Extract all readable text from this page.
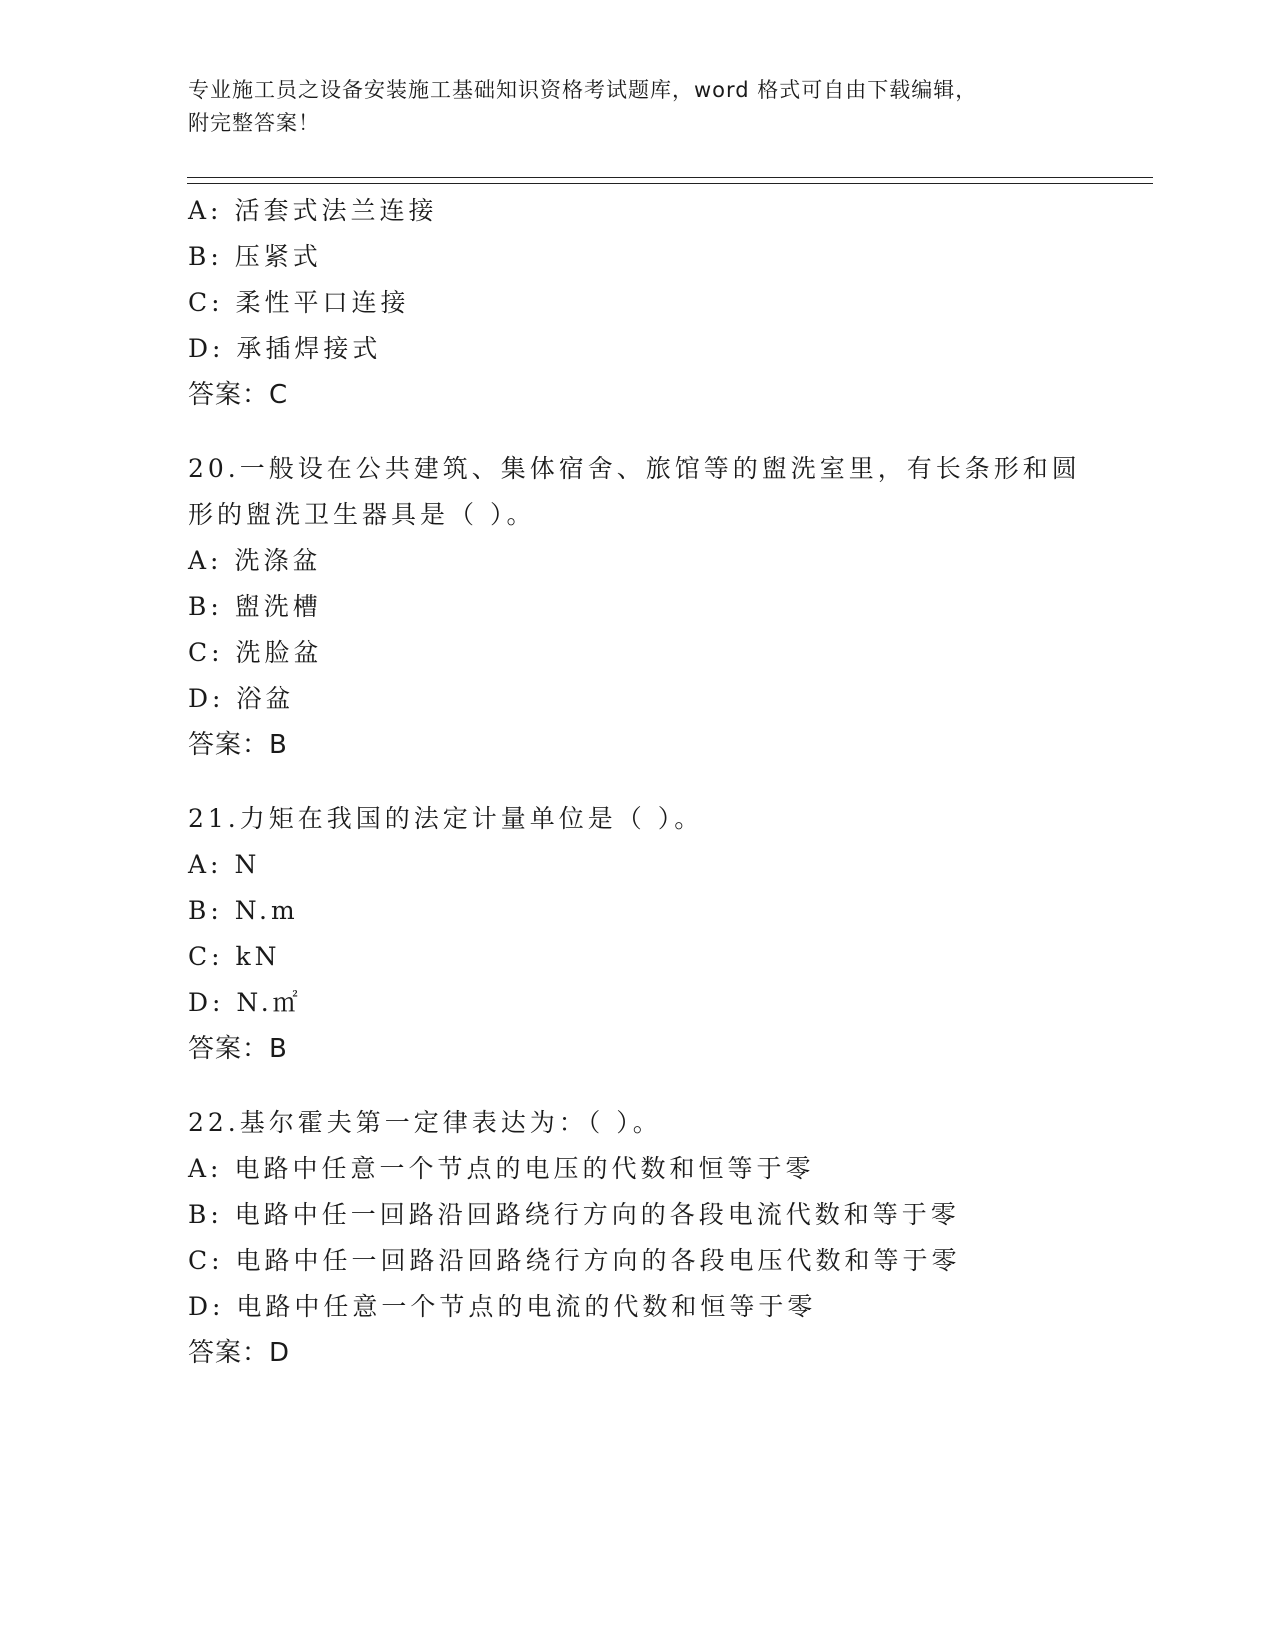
专业施工员之设备安装施工基础知识资格考试题库，word 格式可自由下载编辑，
附完整答案！
A: 活套式法兰连接
B: 压紧式
C: 柔性平口连接
D: 承插焊接式
答案：C

20.一般设在公共建筑、集体宿舍、旅馆等的盥洗室里，有长条形和圆形的盥洗卫生器具是（ ）。

A: 洗涤盆
B: 盥洗槽
C: 洗脸盆
D: 浴盆
答案：B

21.力矩在我国的法定计量单位是（ ）。

A: N
B: N.m
C: kN
D: N.㎡
答案：B

22.基尔霍夫第一定律表达为：（ ）。

A: 电路中任意一个节点的电压的代数和恒等于零
B: 电路中任一回路沿回路绕行方向的各段电流代数和等于零
C: 电路中任一回路沿回路绕行方向的各段电压代数和等于零
D: 电路中任意一个节点的电流的代数和恒等于零
答案：D
